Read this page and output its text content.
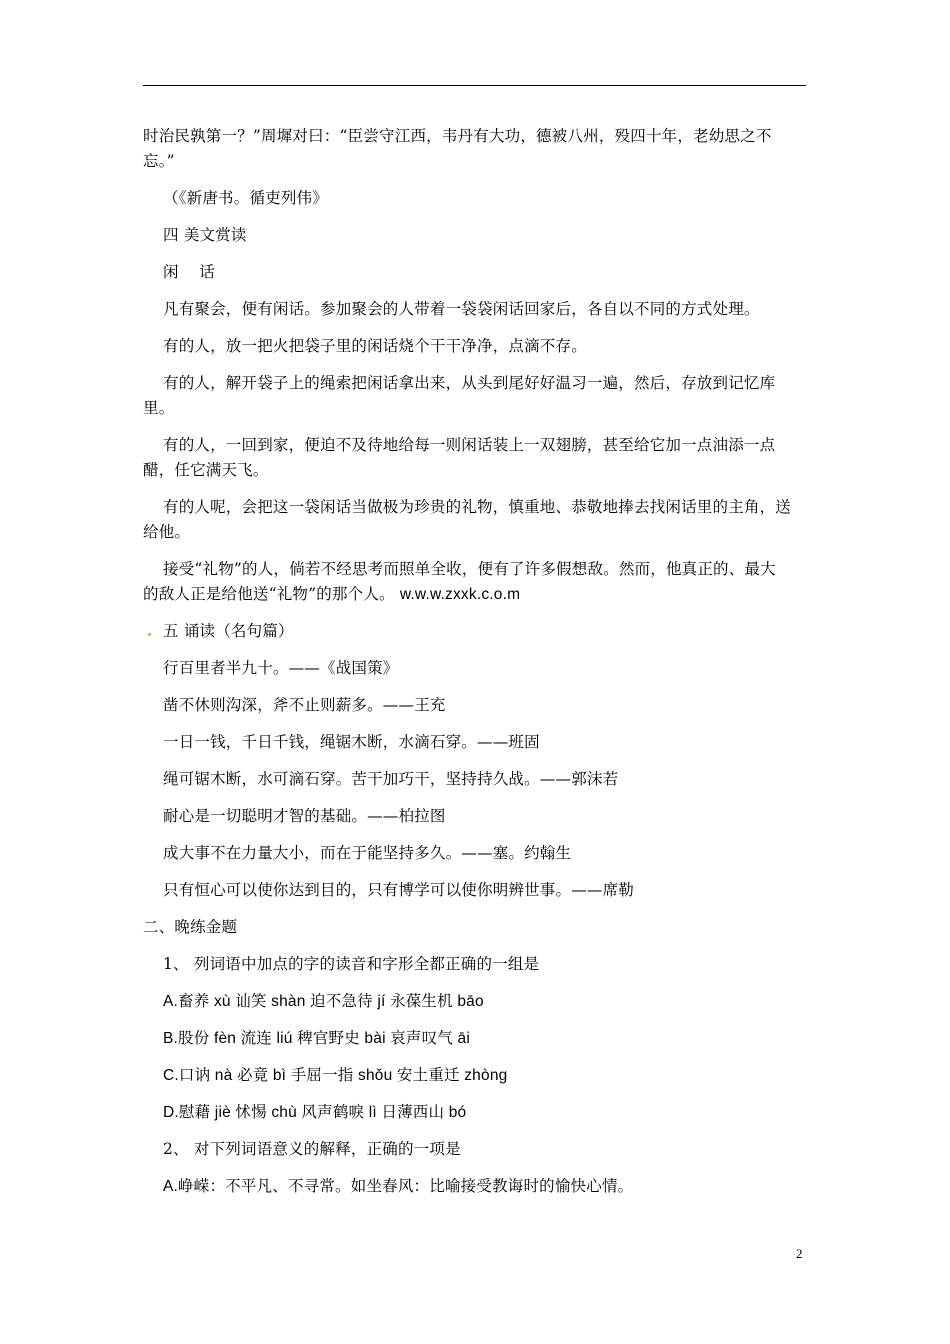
时治民孰第一？”周墀对曰：“臣尝守江西，韦丹有大功，德被八州，殁四十年，老幼思之不
忘。”
（《新唐书。循吏列伟》
四 美文赏读
闲    话
凡有聚会，便有闲话。参加聚会的人带着一袋袋闲话回家后，各自以不同的方式处理。
有的人，放一把火把袋子里的闲话烧个干干净净，点滴不存。
有的人，解开袋子上的绳索把闲话拿出来，从头到尾好好温习一遍，然后，存放到记忆库
里。
有的人，一回到家，便迫不及待地给每一则闲话装上一双翅膀，甚至给它加一点油添一点
醋，任它满天飞。
有的人呢，会把这一袋闲话当做极为珍贵的礼物，慎重地、恭敬地捧去找闲话里的主角，送
给他。
接受“礼物”的人，倘若不经思考而照单全收，便有了许多假想敌。然而，他真正的、最大
的敌人正是给他送“礼物”的那个人。 w.w.w.zxxk.c.o.m
五 诵读（名句篇）
行百里者半九十。——《战国策》
凿不休则沟深，斧不止则薪多。——王充
一日一钱，千日千钱，绳锯木断，水滴石穿。——班固
绳可锯木断，水可滴石穿。苦干加巧干，坚持持久战。——郭沫若
耐心是一切聪明才智的基础。——柏拉图
成大事不在力量大小，而在于能坚持多久。——塞。约翰生
只有恒心可以使你达到目的，只有博学可以使你明辨世事。——席勒
二、晚练金题
1、 列词语中加点的字的读音和字形全都正确的一组是
A.畜养 xù 讪笑 shàn 迫不急待 jí 永葆生机 bāo
B.股份 fèn 流连 liú 稗官野史 bài 哀声叹气 āi
C.口讷 nà 必竟 bì 手屈一指 shǒu 安土重迁 zhòng
D.慰藉 jiè 怵惕 chù 风声鹤唳 lì 日薄西山 bó
2、 对下列词语意义的解释，正确的一项是
A.峥嵘：不平凡、不寻常。如坐春风：比喻接受教诲时的愉快心情。
2
